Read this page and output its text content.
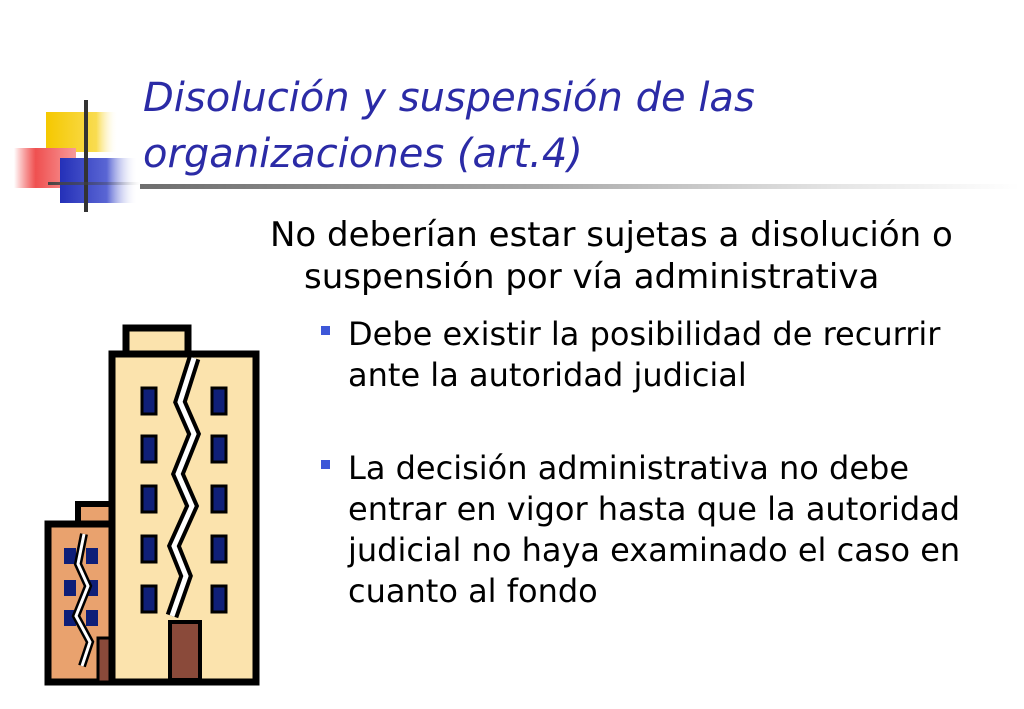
Disolución y suspensión de las organizaciones (art.4)

No deberían estar sujetas a disolución o suspensión por vía administrativa

Debe existir la posibilidad de recurrir ante la autoridad judicial
La decisión administrativa no debe entrar en vigor hasta que la autoridad judicial no haya examinado el caso en cuanto al fondo
